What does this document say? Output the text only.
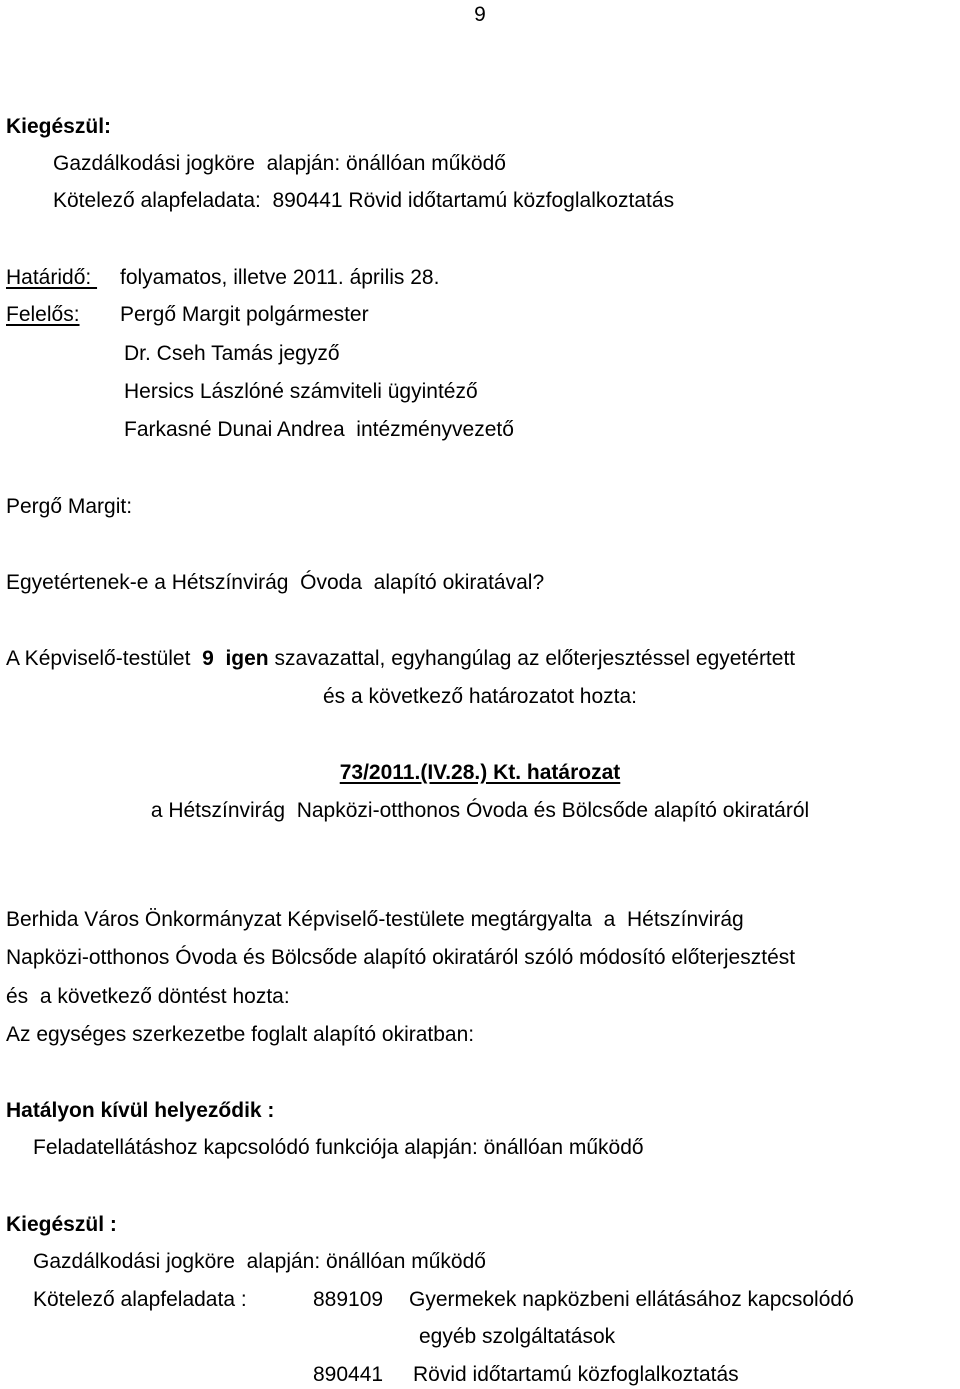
9
Kiegészül:
Gazdálkodási jogköre  alapján: önállóan működő
Kötelező alapfeladata:  890441 Rövid időtartamú közfoglalkoztatás
Határidő: folyamatos, illetve 2011. április 28.
Felelős: Pergő Margit polgármester
Dr. Cseh Tamás jegyző
Hersics Lászlóné számviteli ügyintéző
Farkasné Dunai Andrea  intézményvezető
Pergő Margit:
Egyetértenek-e a Hétszínvirág  Óvoda  alapító okiratával?
A Képviselő-testület  9 igen szavazattal, egyhangúlag az előterjesztéssel egyetértett
és a következő határozatot hozta:
73/2011.(IV.28.) Kt. határozat
a Hétszínvirág  Napközi-otthonos Óvoda és Bölcsőde alapító okiratáról
Berhida Város Önkormányzat Képviselő-testülete megtárgyalta  a  Hétszínvirág
Napközi-otthonos Óvoda és Bölcsőde alapító okiratáról szóló módosító előterjesztést
és  a következő döntést hozta:
Az egységes szerkezetbe foglalt alapító okiratban:
Hatályon kívül helyeződik :
Feladatellátáshoz kapcsolódó funkciója alapján: önállóan működő
Kiegészül :
Gazdálkodási jogköre  alapján: önállóan működő
Kötelező alapfeladata :	889109 Gyermekek napközbeni ellátásához kapcsolódó
egyéb szolgáltatások
890441 Rövid időtartamú közfoglalkoztatás
